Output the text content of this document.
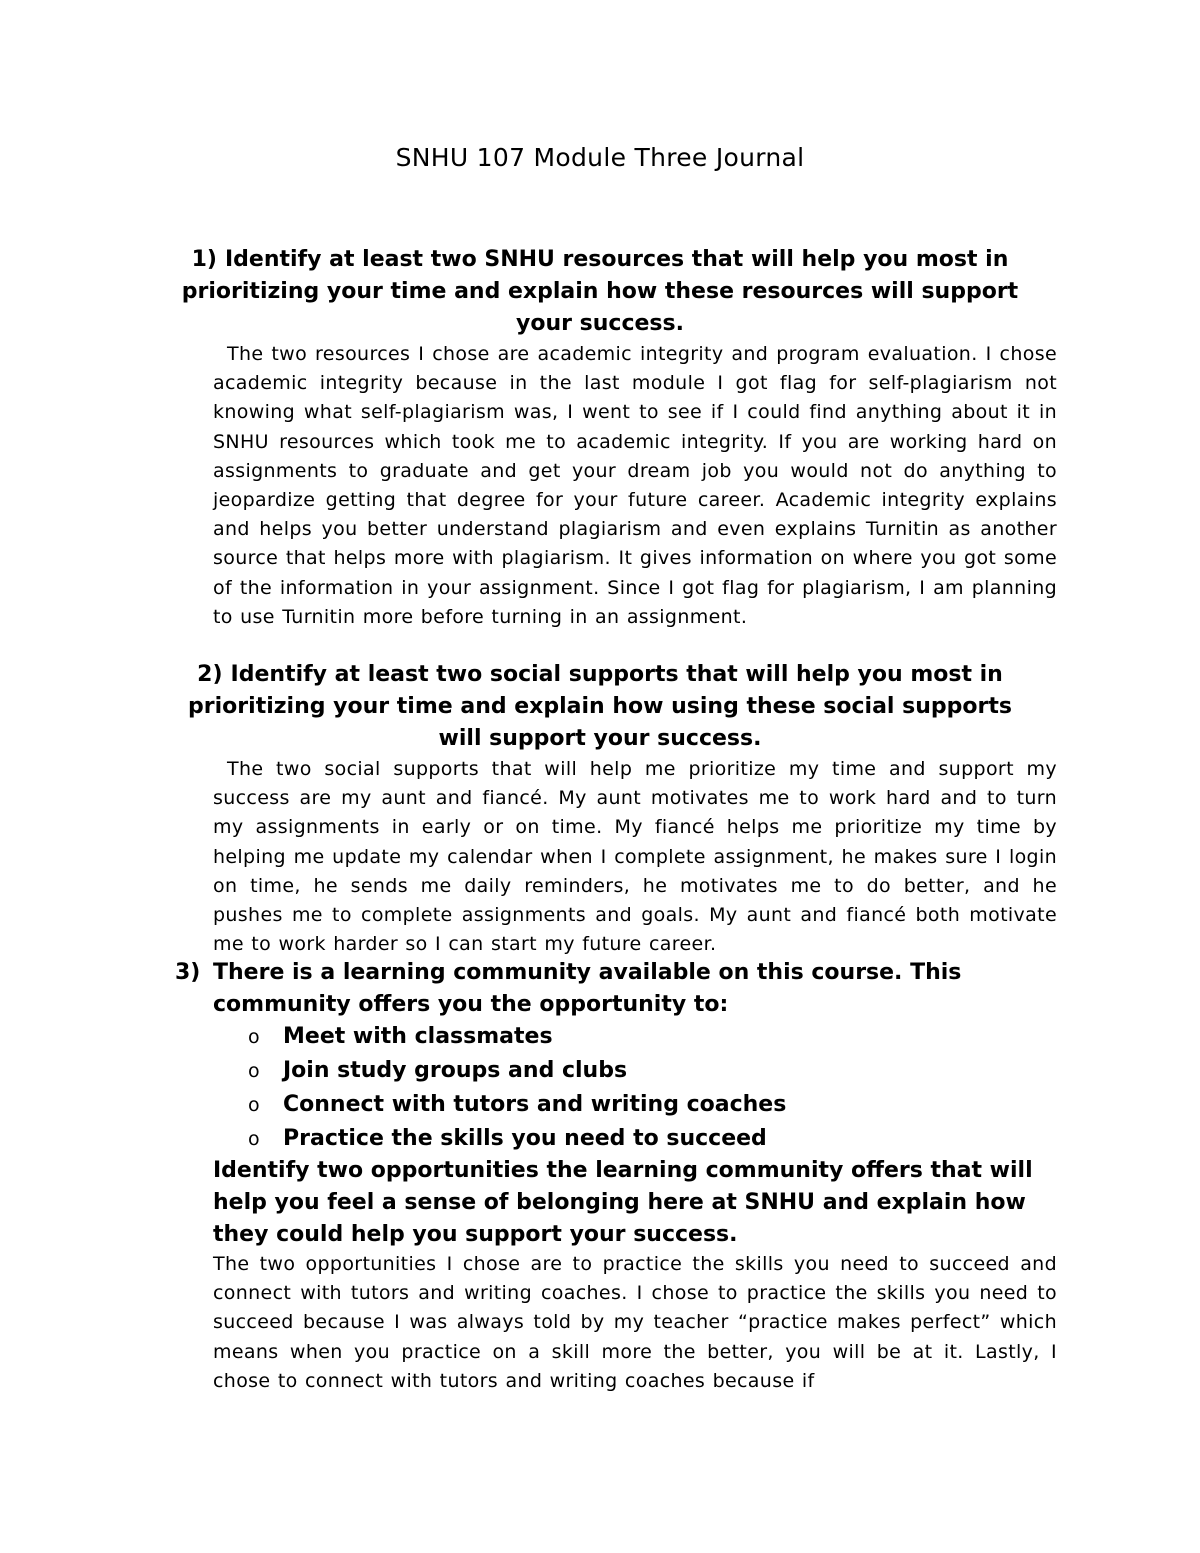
SNHU 107 Module Three Journal
1) Identify at least two SNHU resources that will help you most in prioritizing your time and explain how these resources will support your success.
The two resources I chose are academic integrity and program evaluation. I chose academic integrity because in the last module I got flag for self-plagiarism not knowing what self-plagiarism was, I went to see if I could find anything about it in SNHU resources which took me to academic integrity. If you are working hard on assignments to graduate and get your dream job you would not do anything to jeopardize getting that degree for your future career. Academic integrity explains and helps you better understand plagiarism and even explains Turnitin as another source that helps more with plagiarism. It gives information on where you got some of the information in your assignment. Since I got flag for plagiarism, I am planning to use Turnitin more before turning in an assignment.
2) Identify at least two social supports that will help you most in prioritizing your time and explain how using these social supports will support your success.
The two social supports that will help me prioritize my time and support my success are my aunt and fiancé. My aunt motivates me to work hard and to turn my assignments in early or on time. My fiancé helps me prioritize my time by helping me update my calendar when I complete assignment, he makes sure I login on time, he sends me daily reminders, he motivates me to do better, and he pushes me to complete assignments and goals. My aunt and fiancé both motivate me to work harder so I can start my future career.
3) There is a learning community available on this course. This community offers you the opportunity to:
o Meet with classmates
o Join study groups and clubs
o Connect with tutors and writing coaches
o Practice the skills you need to succeed
Identify two opportunities the learning community offers that will help you feel a sense of belonging here at SNHU and explain how they could help you support your success.
The two opportunities I chose are to practice the skills you need to succeed and connect with tutors and writing coaches. I chose to practice the skills you need to succeed because I was always told by my teacher “practice makes perfect” which means when you practice on a skill more the better, you will be at it. Lastly, I chose to connect with tutors and writing coaches because if
